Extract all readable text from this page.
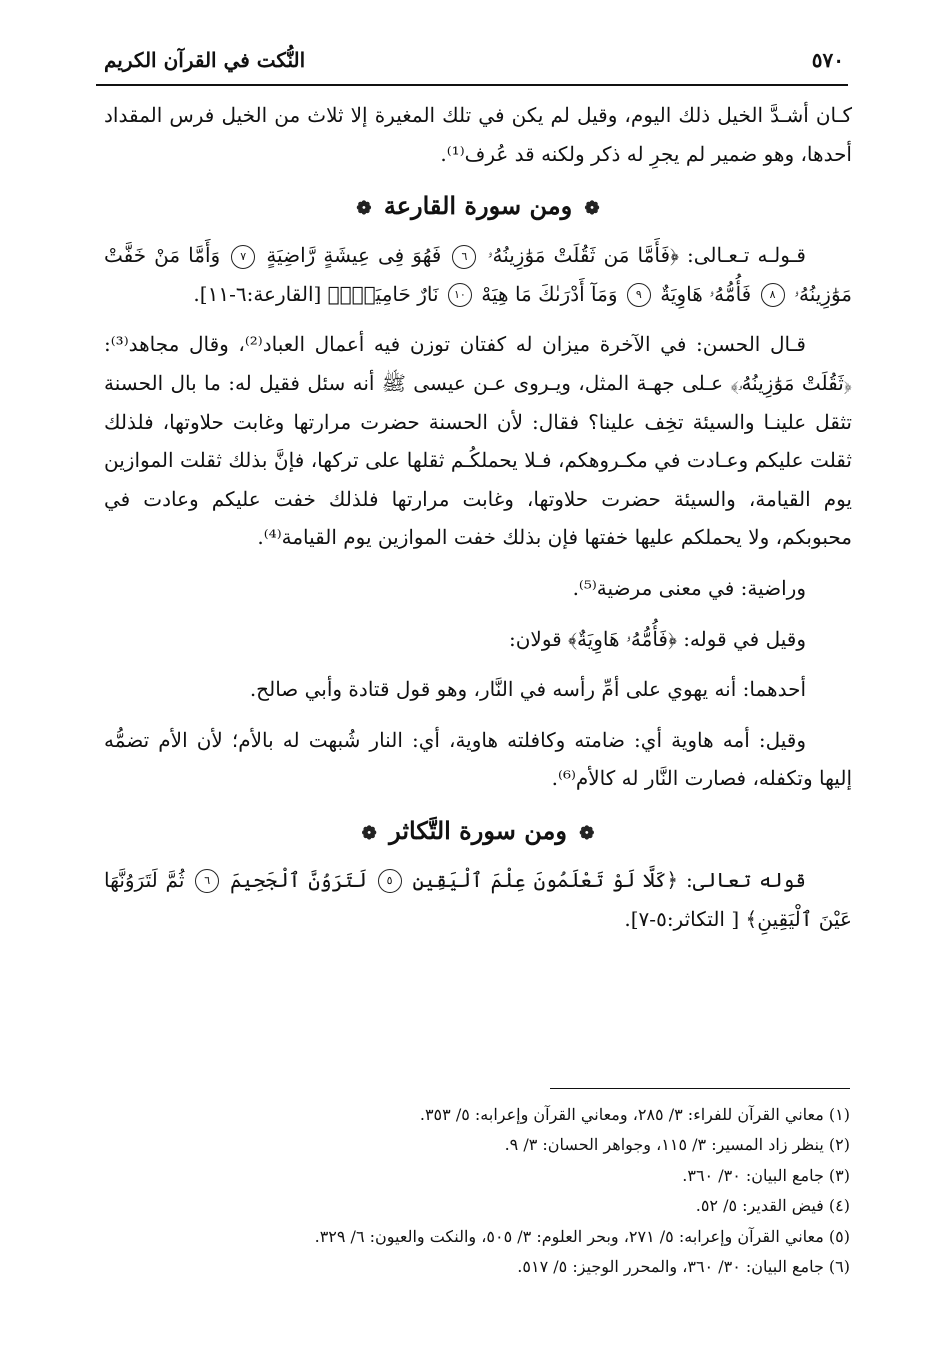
٥٧٠
النُّكت في القرآن الكريم

كـان أشـدَّ الخيل ذلك اليوم، وقيل لم يكن في تلك المغيرة إلا ثلاث من الخيل فرس المقداد أحدها، وهو ضمير لم يجرِ له ذكر ولكنه قد عُرف⁽¹⁾.

❁ ومن سورة القارعة ❁

قـولـه تـعـالى: ﴿فَأَمَّا مَن ثَقُلَتْ مَوَٰزِينُهُۥ ٦ فَهُوَ فِى عِيشَةٍ رَّاضِيَةٍ ٧ وَأَمَّا مَنْ خَفَّتْ مَوَٰزِينُهُۥ ٨ فَأُمُّهُۥ هَاوِيَةٌ ٩ وَمَآ أَدْرَىٰكَ مَا هِيَهْ ١٠ نَارٌ حَامِيَةٌۢ﴾ [القارعة:٦-١١].

قـال الحسن: في الآخرة ميزان له كفتان توزن فيه أعمال العباد⁽²⁾، وقال مجاهد⁽³⁾: ﴿ثَقُلَتْ مَوَٰزِينُهُۥ﴾ عـلى جهـة المثل، ويـروى عـن عيسى ﷺ أنه سئل فقيل له: ما بال الحسنة تثقل علينـا والسيئة تخِف علينا؟ فقال: لأن الحسنة حضرت مرارتها وغابت حلاوتها، فلذلك ثقلت عليكم وعـادت في مكـروهكم، فـلا يحملكُـم ثقلها على تركها، فإنَّ بذلك ثقلت الموازين يوم القيامة، والسيئة حضرت حلاوتها، وغابت مرارتها فلذلك خفت عليكم وعادت في محبوبكم، ولا يحملكم عليها خفتها فإن بذلك خفت الموازين يوم القيامة⁽⁴⁾.

وراضية: في معنى مرضية⁽⁵⁾.

وقيل في قوله: ﴿فَأُمُّهُۥ هَاوِيَةٌ﴾ قولان:

أحدهما: أنه يهوي على أمِّ رأسه في النَّار، وهو قول قتادة وأبي صالح.

وقيل: أمه هاوية أي: ضامته وكافلته هاوية، أي: النار شُبهت له بالأم؛ لأن الأم تضمُّه إليها وتكفله، فصارت النَّار له كالأم⁽⁶⁾.

❁ ومن سورة التَّكاثر ❁

قوله تعالى: ﴿كَلَّا لَوْ تَعْلَمُونَ عِلْمَ ٱلْيَقِينِ ٥ لَتَرَوُنَّ ٱلْجَحِيمَ ٦ ثُمَّ لَتَرَوُنَّهَا عَيْنَ ٱلْيَقِينِ﴾ [ التكاثر:٥-٧].

(١) معاني القرآن للفراء: ٣/ ٢٨٥، ومعاني القرآن وإعرابه: ٥/ ٣٥٣.
(٢) ينظر زاد المسير: ٣/ ١١٥، وجواهر الحسان: ٣/ ٩.
(٣) جامع البيان: ٣٠/ ٣٦٠.
(٤) فيض القدير: ٥/ ٥٢.
(٥) معاني القرآن وإعرابه: ٥/ ٢٧١، وبحر العلوم: ٣/ ٥٠٥، والنكت والعيون: ٦/ ٣٢٩.
(٦) جامع البيان: ٣٠/ ٣٦٠، والمحرر الوجيز: ٥/ ٥١٧.
